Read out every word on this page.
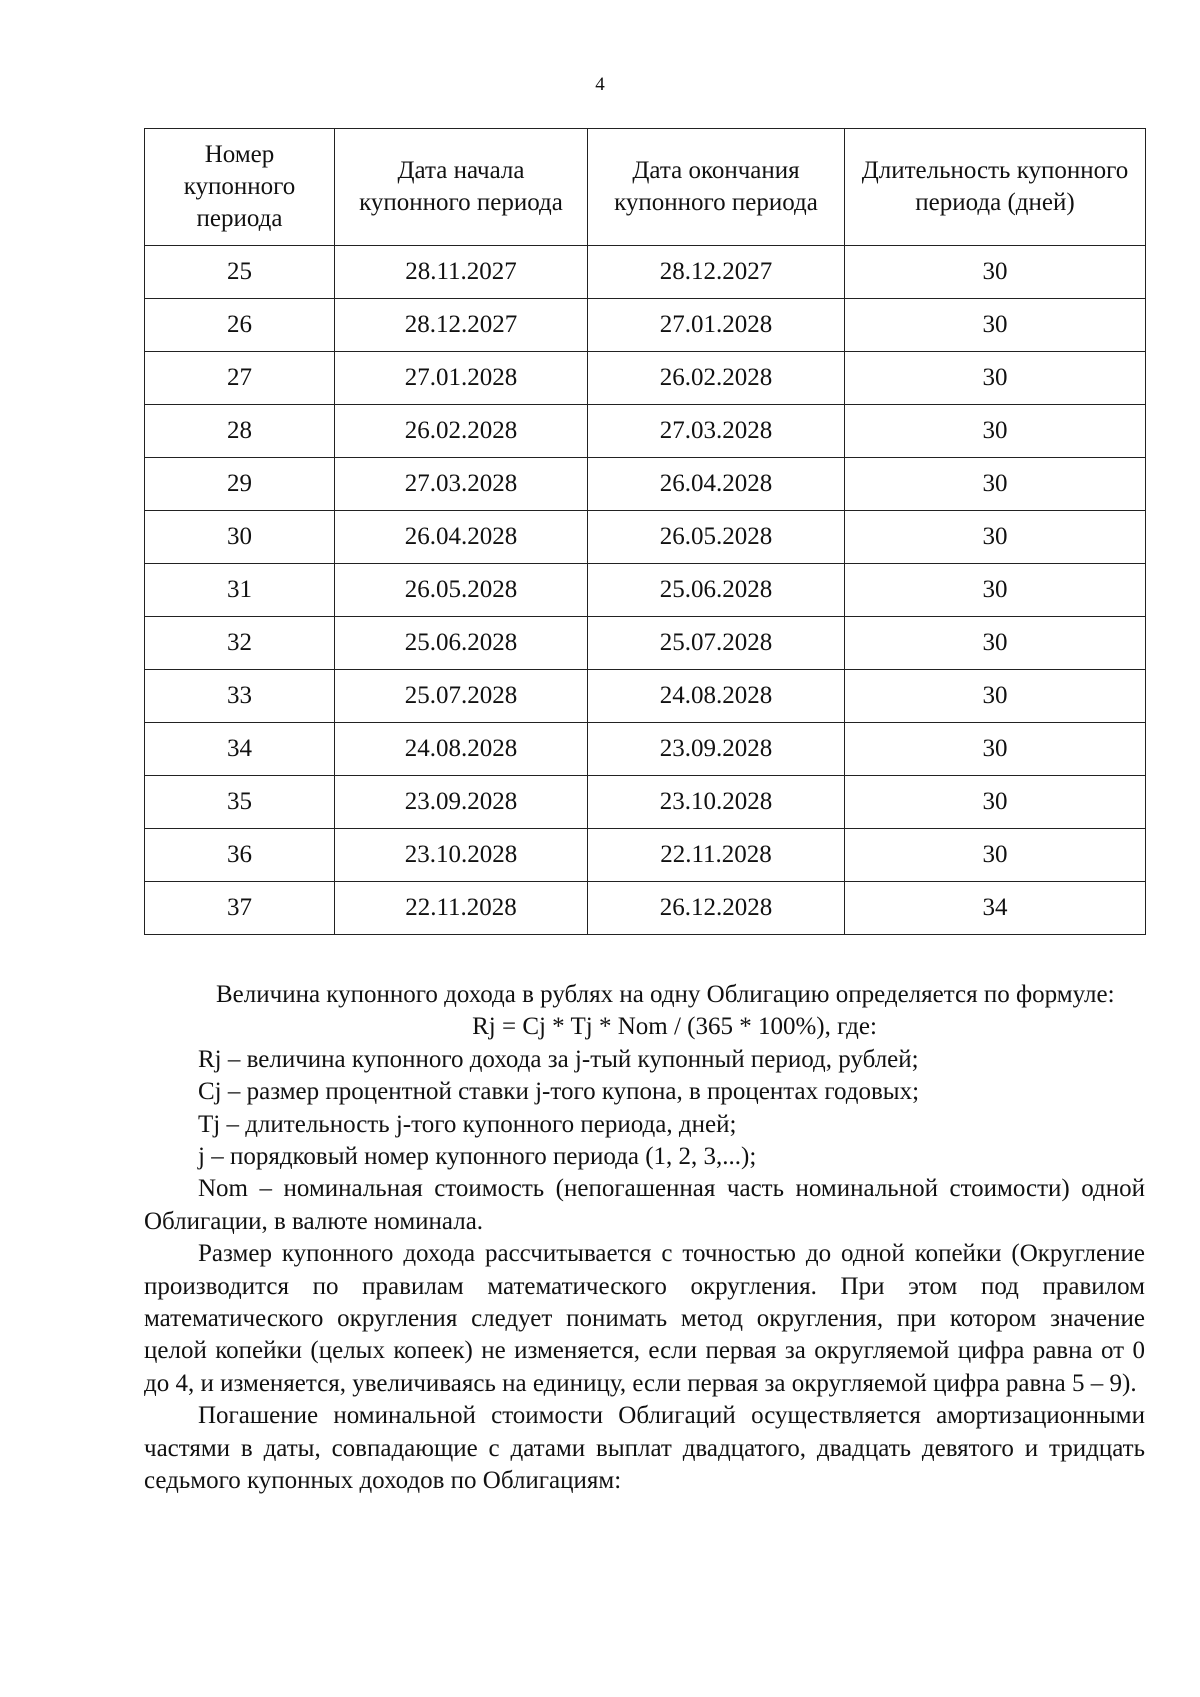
4
Номер купонного периода	Дата начала купонного периода	Дата окончания купонного периода	Длительность купонного периода (дней)
25	28.11.2027	28.12.2027	30
26	28.12.2027	27.01.2028	30
27	27.01.2028	26.02.2028	30
28	26.02.2028	27.03.2028	30
29	27.03.2028	26.04.2028	30
30	26.04.2028	26.05.2028	30
31	26.05.2028	25.06.2028	30
32	25.06.2028	25.07.2028	30
33	25.07.2028	24.08.2028	30
34	24.08.2028	23.09.2028	30
35	23.09.2028	23.10.2028	30
36	23.10.2028	22.11.2028	30
37	22.11.2028	26.12.2028	34

Величина купонного дохода в рублях на одну Облигацию определяется по формуле:

Rj = Cj * Tj * Nom / (365 * 100%), где:

Rj – величина купонного дохода за j-тый купонный период, рублей;

Cj – размер процентной ставки j-того купона, в процентах годовых;

Tj – длительность j-того купонного периода, дней;

j – порядковый номер купонного периода (1, 2, 3,...);

Nom – номинальная стоимость (непогашенная часть номинальной стоимости) одной Облигации, в валюте номинала.

Размер купонного дохода рассчитывается с точностью до одной копейки (Округление производится по правилам математического округления. При этом под правилом математического округления следует понимать метод округления, при котором значение целой копейки (целых копеек) не изменяется, если первая за округляемой цифра равна от 0 до 4, и изменяется, увеличиваясь на единицу, если первая за округляемой цифра равна 5 – 9).

Погашение номинальной стоимости Облигаций осуществляется амортизационными частями в даты, совпадающие с датами выплат двадцатого, двадцать девятого и тридцать седьмого купонных доходов по Облигациям:
